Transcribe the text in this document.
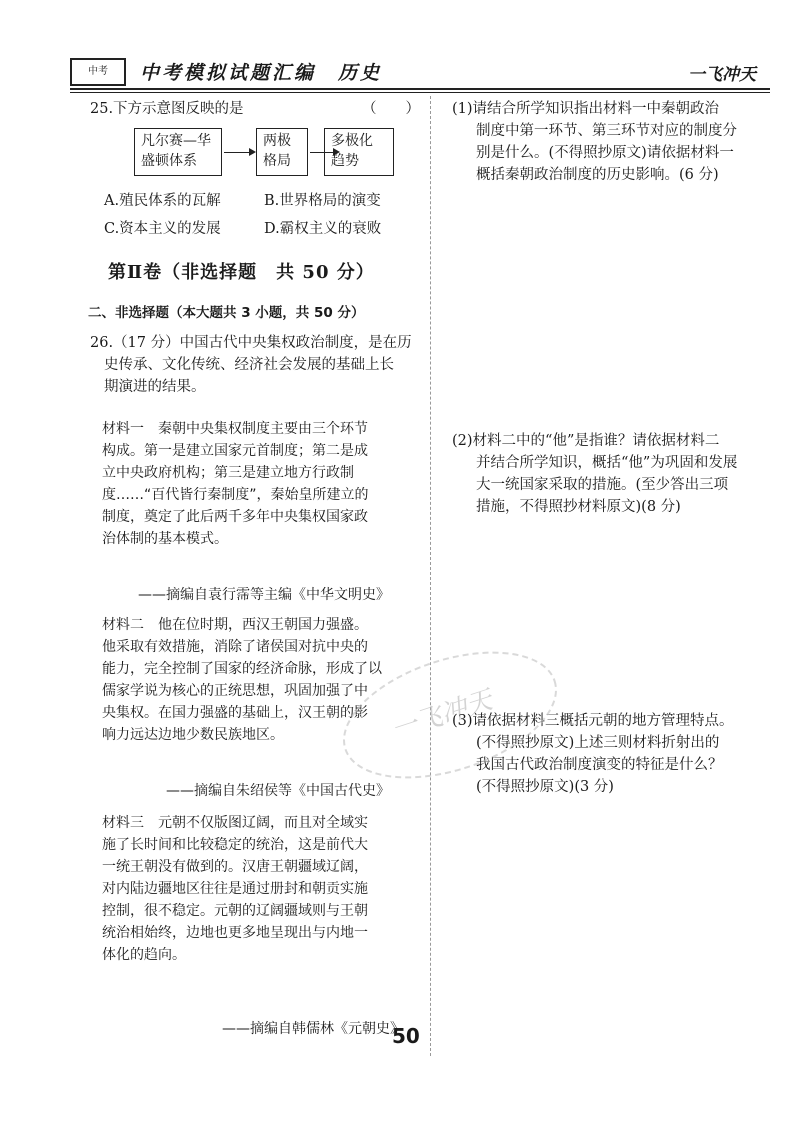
中考	中考模拟试题汇编　历史	一飞冲天
25.下方示意图反映的是	（　　）
凡尔赛—华
盛顿体系
两极
格局
多极化
趋势
A.殖民体系的瓦解	B.世界格局的演变
C.资本主义的发展	D.霸权主义的衰败
第Ⅱ卷（非选择题　共 50 分）
二、非选择题（本大题共 3 小题，共 50 分）
26.（17 分）中国古代中央集权政治制度，是在历
史传承、文化传统、经济社会发展的基础上长
期演进的结果。
材料一　秦朝中央集权制度主要由三个环节
构成。第一是建立国家元首制度；第二是成
立中央政府机构；第三是建立地方行政制
度……“百代皆行秦制度”，秦始皇所建立的
制度，奠定了此后两千多年中央集权国家政
治体制的基本模式。
——摘编自袁行霈等主编《中华文明史》
材料二　他在位时期，西汉王朝国力强盛。
他采取有效措施，消除了诸侯国对抗中央的
能力，完全控制了国家的经济命脉，形成了以
儒家学说为核心的正统思想，巩固加强了中
央集权。在国力强盛的基础上，汉王朝的影
响力远达边地少数民族地区。
——摘编自朱绍侯等《中国古代史》
材料三　元朝不仅版图辽阔，而且对全域实
施了长时间和比较稳定的统治，这是前代大
一统王朝没有做到的。汉唐王朝疆域辽阔，
对内陆边疆地区往往是通过册封和朝贡实施
控制，很不稳定。元朝的辽阔疆域则与王朝
统治相始终，边地也更多地呈现出与内地一
体化的趋向。
——摘编自韩儒林《元朝史》
(1)请结合所学知识指出材料一中秦朝政治
制度中第一环节、第三环节对应的制度分
别是什么。(不得照抄原文)请依据材料一
概括秦朝政治制度的历史影响。(6 分)
(2)材料二中的“他”是指谁？请依据材料二
并结合所学知识，概括“他”为巩固和发展
大一统国家采取的措施。(至少答出三项
措施，不得照抄材料原文)(8 分)
(3)请依据材料三概括元朝的地方管理特点。
(不得照抄原文)上述三则材料折射出的
我国古代政治制度演变的特征是什么？
(不得照抄原文)(3 分)
一飞冲天
50
